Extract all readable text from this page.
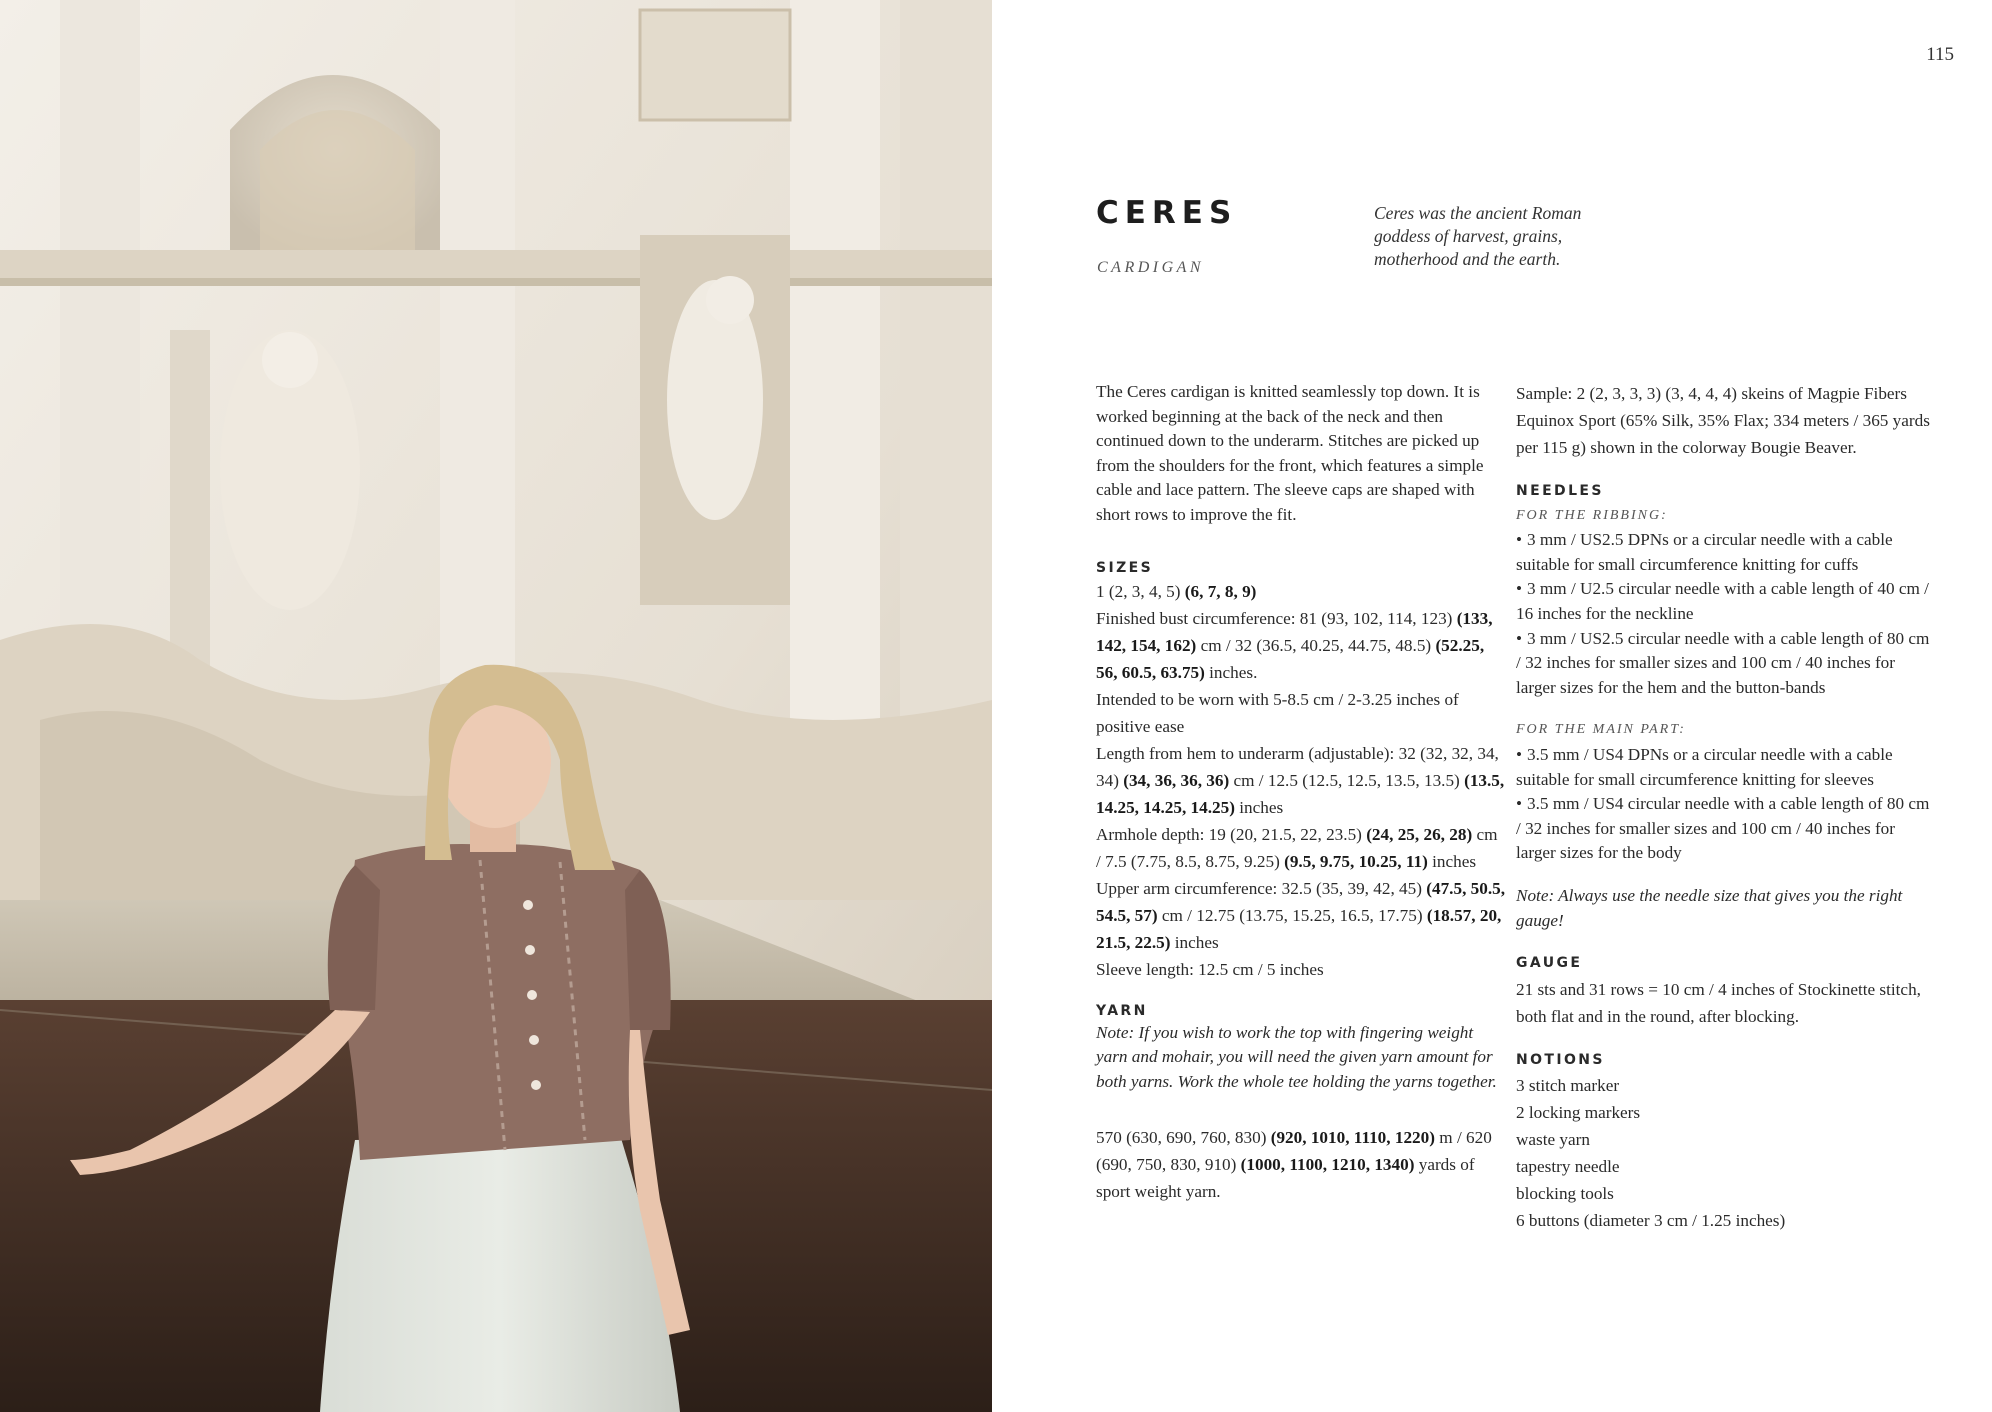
115
CERES
CARDIGAN
Ceres was the ancient Roman goddess of harvest, grains, motherhood and the earth.

The Ceres cardigan is knitted seamlessly top down. It is worked beginning at the back of the neck and then continued down to the underarm. Stitches are picked up from the shoulders for the front, which features a simple cable and lace pattern. The sleeve caps are shaped with short rows to improve the fit.

SIZES

1 (2, 3, 4, 5) (6, 7, 8, 9)

Finished bust circumference: 81 (93, 102, 114, 123) (133, 142, 154, 162) cm / 32 (36.5, 40.25, 44.75, 48.5) (52.25, 56, 60.5, 63.75) inches.

Intended to be worn with 5-8.5 cm / 2-3.25 inches of positive ease

Length from hem to underarm (adjustable): 32 (32, 32, 34, 34) (34, 36, 36, 36) cm / 12.5 (12.5, 12.5, 13.5, 13.5) (13.5, 14.25, 14.25, 14.25) inches

Armhole depth: 19 (20, 21.5, 22, 23.5) (24, 25, 26, 28) cm / 7.5 (7.75, 8.5, 8.75, 9.25) (9.5, 9.75, 10.25, 11) inches

Upper arm circumference: 32.5 (35, 39, 42, 45) (47.5, 50.5, 54.5, 57) cm / 12.75 (13.75, 15.25, 16.5, 17.75) (18.57, 20, 21.5, 22.5) inches

Sleeve length: 12.5 cm / 5 inches

YARN

Note: If you wish to work the top with fingering weight yarn and mohair, you will need the given yarn amount for both yarns. Work the whole tee holding the yarns together.

570 (630, 690, 760, 830) (920, 1010, 1110, 1220) m / 620 (690, 750, 830, 910) (1000, 1100, 1210, 1340) yards of sport weight yarn.

Sample: 2 (2, 3, 3, 3) (3, 4, 4, 4) skeins of Magpie Fibers Equinox Sport (65% Silk, 35% Flax; 334 meters / 365 yards per 115 g) shown in the colorway Bougie Beaver.

NEEDLES

FOR THE RIBBING:

• 3 mm / US2.5 DPNs or a circular needle with a cable suitable for small circumference knitting for cuffs
• 3 mm / U2.5 circular needle with a cable length of 40 cm / 16 inches for the neckline
• 3 mm / US2.5 circular needle with a cable length of 80 cm / 32 inches for smaller sizes and 100 cm / 40 inches for larger sizes for the hem and the button-bands

FOR THE MAIN PART:

• 3.5 mm / US4 DPNs or a circular needle with a cable suitable for small circumference knitting for sleeves
• 3.5 mm / US4 circular needle with a cable length of 80 cm / 32 inches for smaller sizes and 100 cm / 40 inches for larger sizes for the body

Note: Always use the needle size that gives you the right gauge!

GAUGE

21 sts and 31 rows = 10 cm / 4 inches of Stockinette stitch, both flat and in the round, after blocking.

NOTIONS

3 stitch marker
2 locking markers
waste yarn
tapestry needle
blocking tools
6 buttons (diameter 3 cm / 1.25 inches)
